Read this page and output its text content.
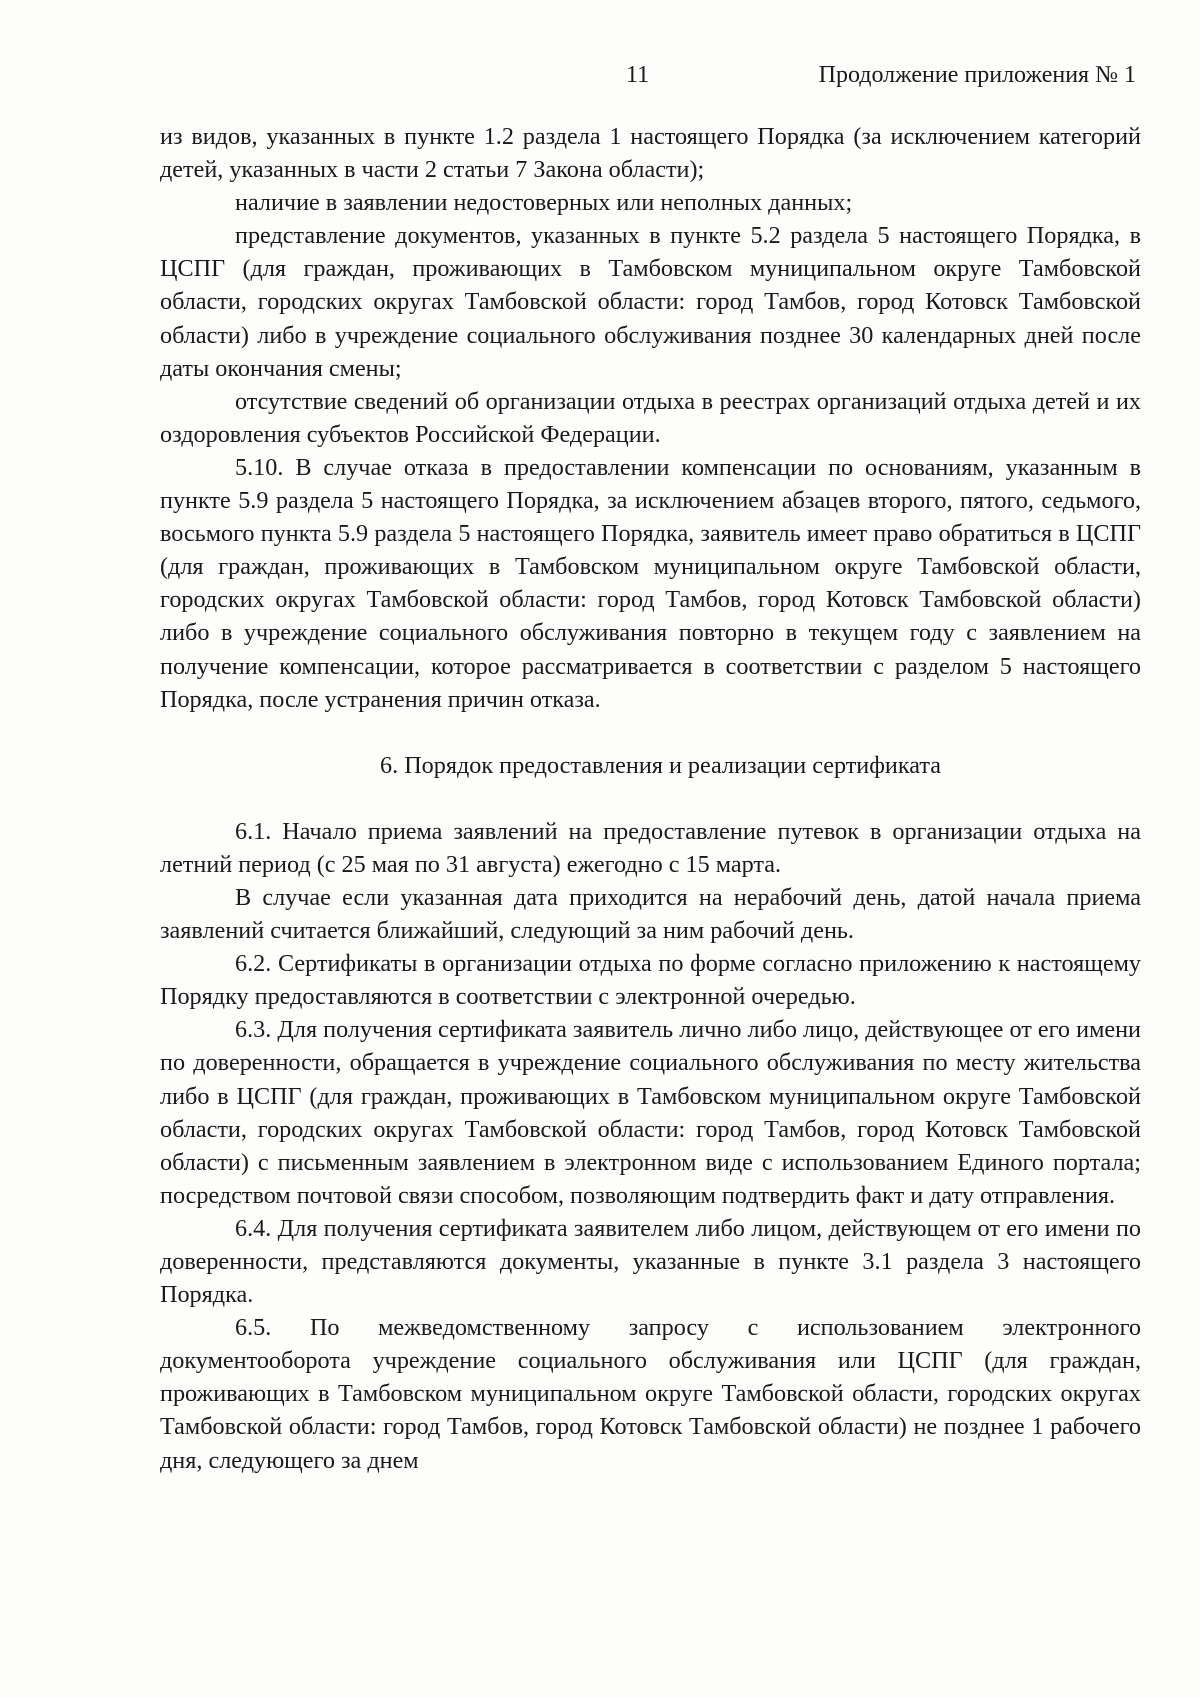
11	Продолжение приложения № 1

из видов, указанных в пункте 1.2 раздела 1 настоящего Порядка (за исключением категорий детей, указанных в части 2 статьи 7 Закона области);

наличие в заявлении недостоверных или неполных данных;

представление документов, указанных в пункте 5.2 раздела 5 настоящего Порядка, в ЦСПГ (для граждан, проживающих в Тамбовском муниципальном округе Тамбовской области, городских округах Тамбовской области: город Тамбов, город Котовск Тамбовской области) либо в учреждение социального обслуживания позднее 30 календарных дней после даты окончания смены;

отсутствие сведений об организации отдыха в реестрах организаций отдыха детей и их оздоровления субъектов Российской Федерации.

5.10. В случае отказа в предоставлении компенсации по основаниям, указанным в пункте 5.9 раздела 5 настоящего Порядка, за исключением абзацев второго, пятого, седьмого, восьмого пункта 5.9 раздела 5 настоящего Порядка, заявитель имеет право обратиться в ЦСПГ (для граждан, проживающих в Тамбовском муниципальном округе Тамбовской области, городских округах Тамбовской области: город Тамбов, город Котовск Тамбовской области) либо в учреждение социального обслуживания повторно в текущем году с заявлением на получение компенсации, которое рассматривается в соответствии с разделом 5 настоящего Порядка, после устранения причин отказа.

6. Порядок предоставления и реализации сертификата

6.1. Начало приема заявлений на предоставление путевок в организации отдыха на летний период (с 25 мая по 31 августа) ежегодно с 15 марта.

В случае если указанная дата приходится на нерабочий день, датой начала приема заявлений считается ближайший, следующий за ним рабочий день.

6.2. Сертификаты в организации отдыха по форме согласно приложению к настоящему Порядку предоставляются в соответствии с электронной очередью.

6.3. Для получения сертификата заявитель лично либо лицо, действующее от его имени по доверенности, обращается в учреждение социального обслуживания по месту жительства либо в ЦСПГ (для граждан, проживающих в Тамбовском муниципальном округе Тамбовской области, городских округах Тамбовской области: город Тамбов, город Котовск Тамбовской области) с письменным заявлением в электронном виде с использованием Единого портала; посредством почтовой связи способом, позволяющим подтвердить факт и дату отправления.

6.4. Для получения сертификата заявителем либо лицом, действующем от его имени по доверенности, представляются документы, указанные в пункте 3.1 раздела 3 настоящего Порядка.

6.5. По межведомственному запросу с использованием электронного документооборота учреждение социального обслуживания или ЦСПГ (для граждан, проживающих в Тамбовском муниципальном округе Тамбовской области, городских округах Тамбовской области: город Тамбов, город Котовск Тамбовской области) не позднее 1 рабочего дня, следующего за днем
